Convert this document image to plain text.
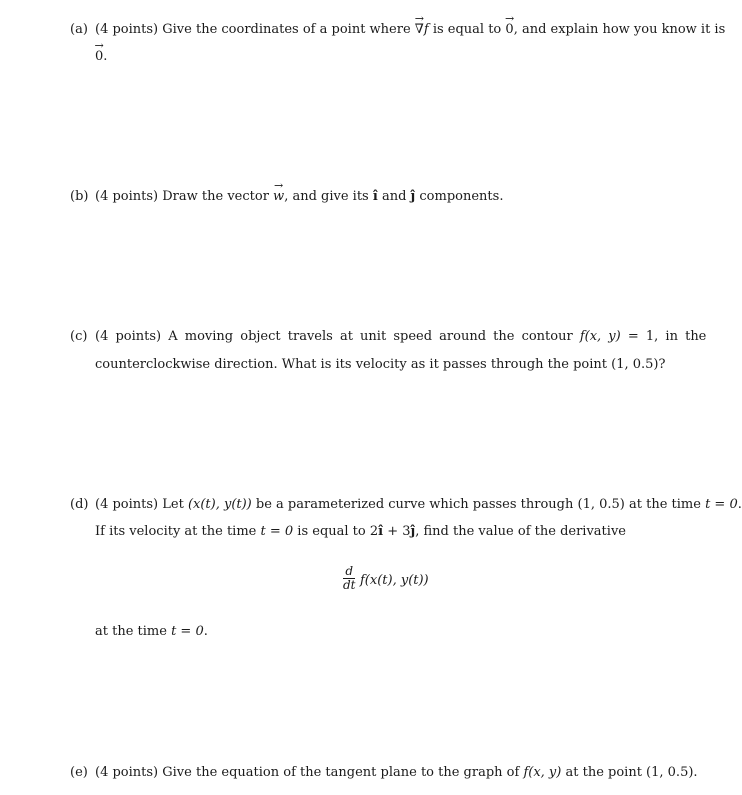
(a) (4 points) Give the coordinates of a point where → ∇f is equal to → 0, and explain how you know it is
→ 0.
(b) (4 points) Draw the vector → w, and give its ı̂ and ȷ̂ components.
(c) (4 points) A moving object travels at unit speed around the contour f(x, y) = 1, in the
counterclockwise direction. What is its velocity as it passes through the point (1, 0.5)?
(d) (4 points) Let (x(t), y(t)) be a parameterized curve which passes through (1, 0.5) at the time t = 0.
If its velocity at the time t = 0 is equal to 2ı̂ + 3ȷ̂, find the value of the derivative
d
dt f(x(t), y(t))
at the time t = 0.
(e) (4 points) Give the equation of the tangent plane to the graph of f(x, y) at the point (1, 0.5).
